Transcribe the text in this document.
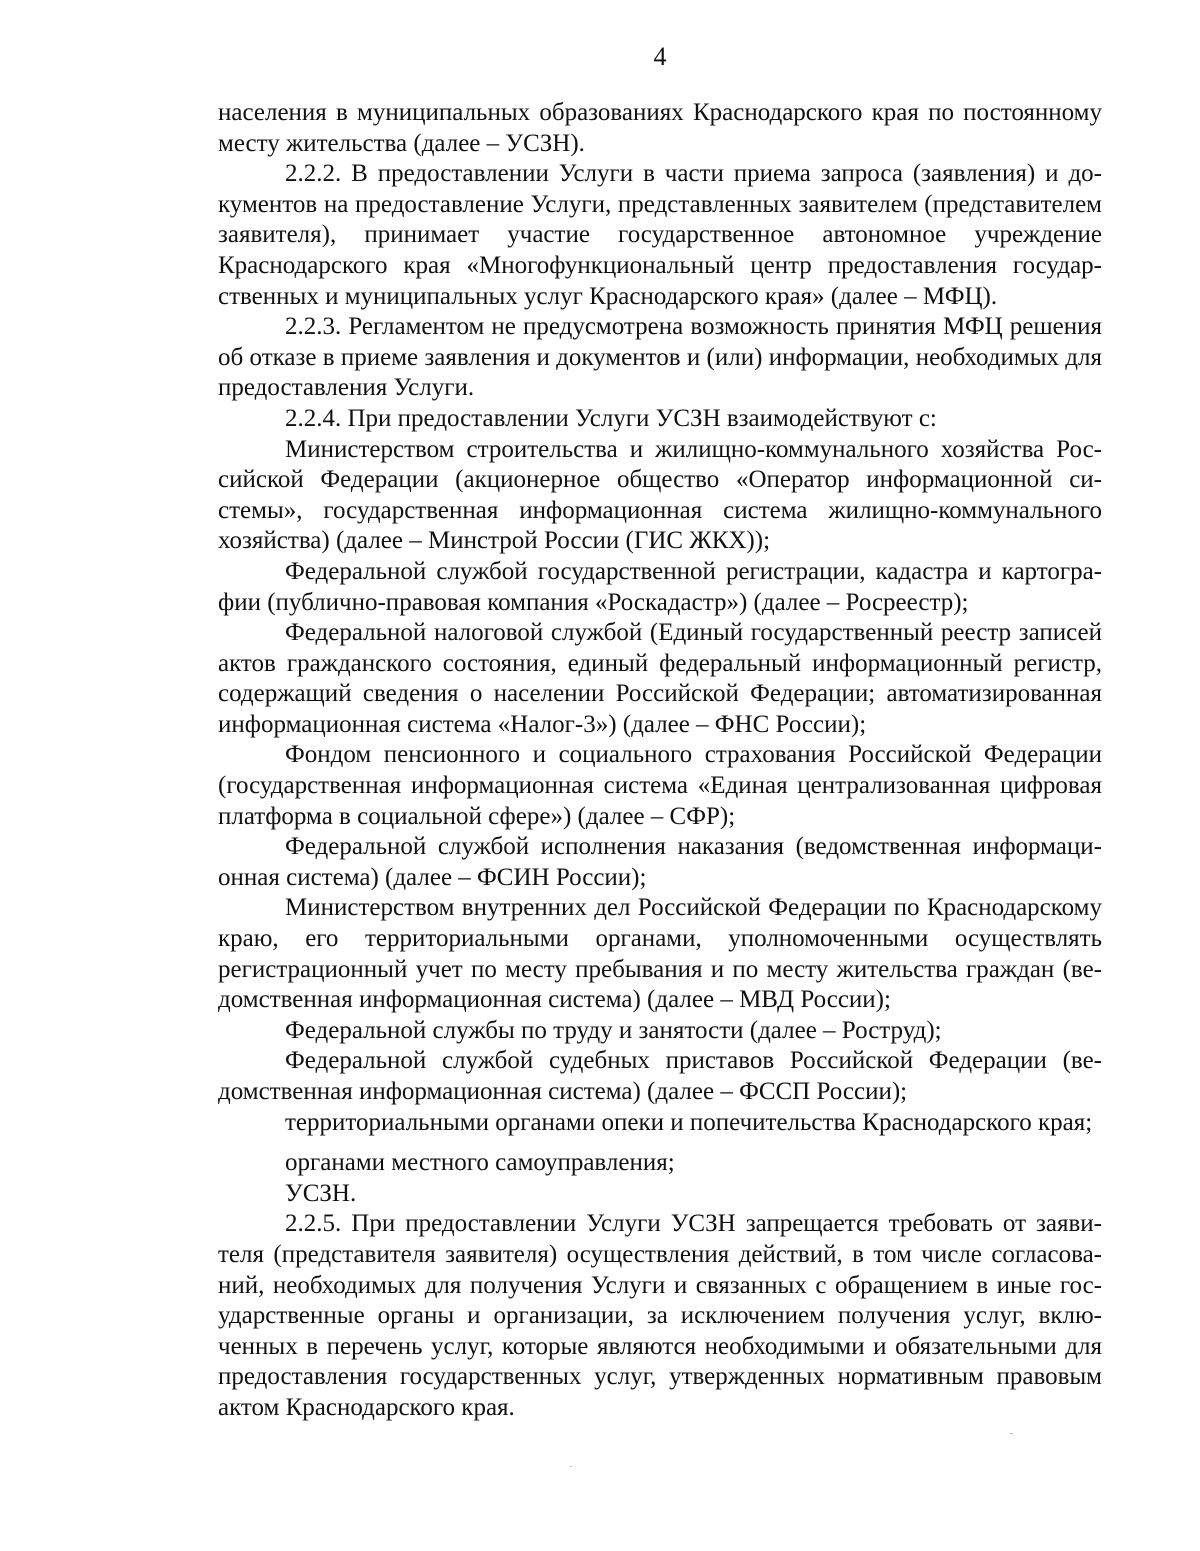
4

населения в муниципальных образованиях Краснодарского края по постоянному месту жительства (далее – УСЗН).

2.2.2. В предоставлении Услуги в части приема запроса (заявления) и документов на предоставление Услуги, представленных заявителем (представителем заявителя), принимает участие государственное автономное учреждение Краснодарского края «Многофункциональный центр предоставления государственных и муниципальных услуг Краснодарского края» (далее – МФЦ).

2.2.3. Регламентом не предусмотрена возможность принятия МФЦ решения об отказе в приеме заявления и документов и (или) информации, необходимых для предоставления Услуги.

2.2.4. При предоставлении Услуги УСЗН взаимодействуют с:

Министерством строительства и жилищно-коммунального хозяйства Российской Федерации (акционерное общество «Оператор информационной системы», государственная информационная система жилищно-коммунального хозяйства) (далее – Минстрой России (ГИС ЖКХ));

Федеральной службой государственной регистрации, кадастра и картографии (публично-правовая компания «Роскадастр») (далее – Росреестр);

Федеральной налоговой службой (Единый государственный реестр записей актов гражданского состояния, единый федеральный информационный регистр, содержащий сведения о населении Российской Федерации; автоматизированная информационная система «Налог-3») (далее – ФНС России);

Фондом пенсионного и социального страхования Российской Федерации (государственная информационная система «Единая централизованная цифровая платформа в социальной сфере») (далее – СФР);

Федеральной службой исполнения наказания (ведомственная информационная система) (далее – ФСИН России);

Министерством внутренних дел Российской Федерации по Краснодарскому краю, его территориальными органами, уполномоченными осуществлять регистрационный учет по месту пребывания и по месту жительства граждан (ведомственная информационная система) (далее – МВД России);

Федеральной службы по труду и занятости (далее – Роструд);

Федеральной службой судебных приставов Российской Федерации (ведомственная информационная система) (далее – ФССП России);

территориальными органами опеки и попечительства Краснодарского края;

органами местного самоуправления;

УСЗН.

2.2.5. При предоставлении Услуги УСЗН запрещается требовать от заявителя (представителя заявителя) осуществления действий, в том числе согласований, необходимых для получения Услуги и связанных с обращением в иные государственные органы и организации, за исключением получения услуг, включенных в перечень услуг, которые являются необходимыми и обязательными для предоставления государственных услуг, утвержденных нормативным правовым актом Краснодарского края.
